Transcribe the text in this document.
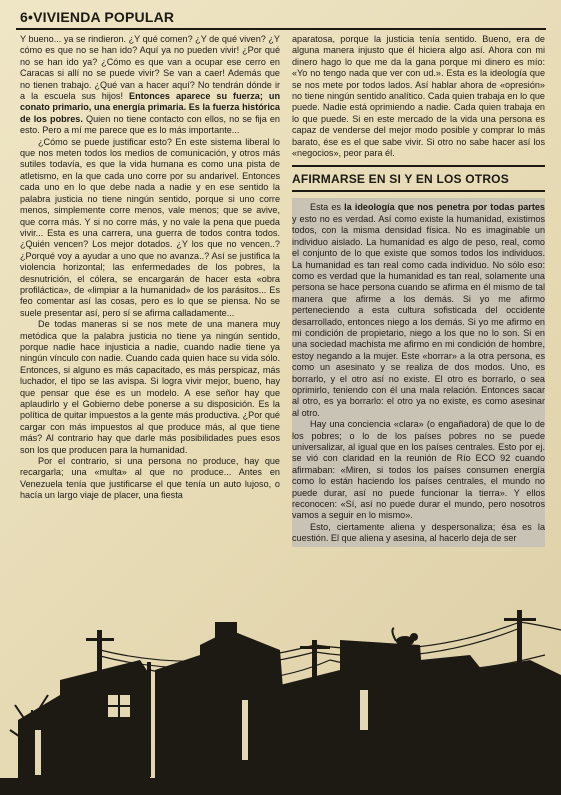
6•VIVIENDA POPULAR

Y bueno... ya se rindieron. ¿Y qué comen? ¿Y de qué viven? ¿Y cómo es que no se han ido? Aquí ya no pueden vivir! ¿Por qué no se han ido ya? ¿Cómo es que van a ocupar ese cerro en Caracas si allí no se puede vivir? Se van a caer! Además que no tienen trabajo. ¿Qué van a hacer aquí? No tendrán dónde ir a la escuela sus hijos! Entonces aparece su fuerza; un conato primario, una energía primaria. Es la fuerza histórica de los pobres. Quien no tiene contacto con ellos, no se fija en esto. Pero a mí me parece que es lo más importante...

¿Cómo se puede justificar esto? En este sistema liberal lo que nos meten todos los medios de comunicación, y otros más sutiles todavía, es que la vida humana es como una pista de atletismo, en la que cada uno corre por su andarivel. Entonces cada uno en lo que debe nada a nadie y en ese sentido la palabra justicia no tiene ningún sentido, porque si uno corre menos, simplemente corre menos, vale menos; que se avive, que corra más. Y si no corre más, y no vale la pena que pueda vivir... Esta es una carrera, una guerra de todos contra todos. ¿Quién vencen? Los mejor dotados. ¿Y los que no vencen..? ¿Porqué voy a ayudar a uno que no avanza..? Así se justifica la violencia horizontal; las enfermedades de los pobres, la desnutrición, el cólera, se encargarán de hacer esta «obra profiláctica», de «limpiar a la humanidad» de los parásitos... Es feo comentar así las cosas, pero es lo que se piensa. No se suele presentar así, pero sí se afirma calladamente...

De todas maneras si se nos mete de una manera muy metódica que la palabra justicia no tiene ya ningún sentido, porque nadie hace injusticia a nadie, cuando nadie tiene ya ningún vínculo con nadie. Cuando cada quien hace su vida sólo. Entonces, si alguno es más capacitado, es más perspicaz, más luchador, el tipo se las avispa. Si logra vivir mejor, bueno, hay que pensar que ése es un modelo. A ese señor hay que aplaudirlo y el Gobierno debe ponerse a su disposición. Es la política de quitar impuestos a la gente más productiva. ¿Por qué cargar con más impuestos al que produce más, al que tiene más? Al contrario hay que darle más posibilidades pues esos son los que producen para la humanidad.

Por el contrario, si una persona no produce, hay que recargarla; una «multa» al que no produce... Antes en Venezuela tenía que justificarse el que tenía un auto lujoso, o hacía un largo viaje de placer, una fiesta

aparatosa, porque la justicia tenía sentido. Bueno, era de alguna manera injusto que él hiciera algo así. Ahora con mi dinero hago lo que me da la gana porque mi dinero es mío: «Yo no tengo nada que ver con ud.». Esta es la ideología que se nos mete por todos lados. Así hablar ahora de «opresión» no tiene ningún sentido analítico. Cada quien trabaja en lo que puede. Nadie está oprimiendo a nadie. Cada quien trabaja en lo que puede. Si en este mercado de la vida una persona es capaz de venderse del mejor modo posible y comprar lo más barato, ése es el que sabe vivir. Si otro no sabe hacer así los «negocios», peor para él.

AFIRMARSE EN SI Y EN LOS OTROS

Esta es la ideología que nos penetra por todas partes y esto no es verdad. Así como existe la humanidad, existimos todos, con la misma densidad física. No es imaginable un individuo aislado. La humanidad es algo de peso, real, como el conjunto de lo que existe que somos todos los individuos. La humanidad es tan real como cada individuo. No sólo eso: como es verdad que la humanidad es tan real, solamente una persona se hace persona cuando se afirma en él mismo de tal manera que afirme a los demás. Si yo me afirmo perteneciendo a esta cultura sofisticada del occidente desarrollado, entonces niego a los demás. Si yo me afirmo en mi condición de propietario, niego a los que no lo son. Si en una sociedad machista me afirmo en mi condición de hombre, estoy negando a la mujer. Este «borrar» a la otra persona, es como un asesinato y se realiza de dos modos. Uno, es borrarlo, y el otro así no existe. El otro es borrarlo, o sea oprimirlo, teniendo con él una mala relación. Entonces sacar al otro, es ya borrarlo: el otro ya no existe, es como asesinar al otro.

Hay una conciencia «clara» (o engañadora) de que lo de los pobres; o lo de los países pobres no se puede universalizar, al igual que en los países centrales. Esto por ej. se vió con claridad en la reunión de Río ECO 92 cuando afirmaban: «Miren, si todos los países consumen energía como lo están haciendo los países centrales, el mundo no puede durar, así no puede funcionar la tierra». Y ellos reconocen: «Sí, así no puede durar el mundo, pero nosotros vamos a seguir en lo mismo».

Esto, ciertamente aliena y despersonaliza; ésa es la cuestión. El que aliena y asesina, al hacerlo deja de ser
